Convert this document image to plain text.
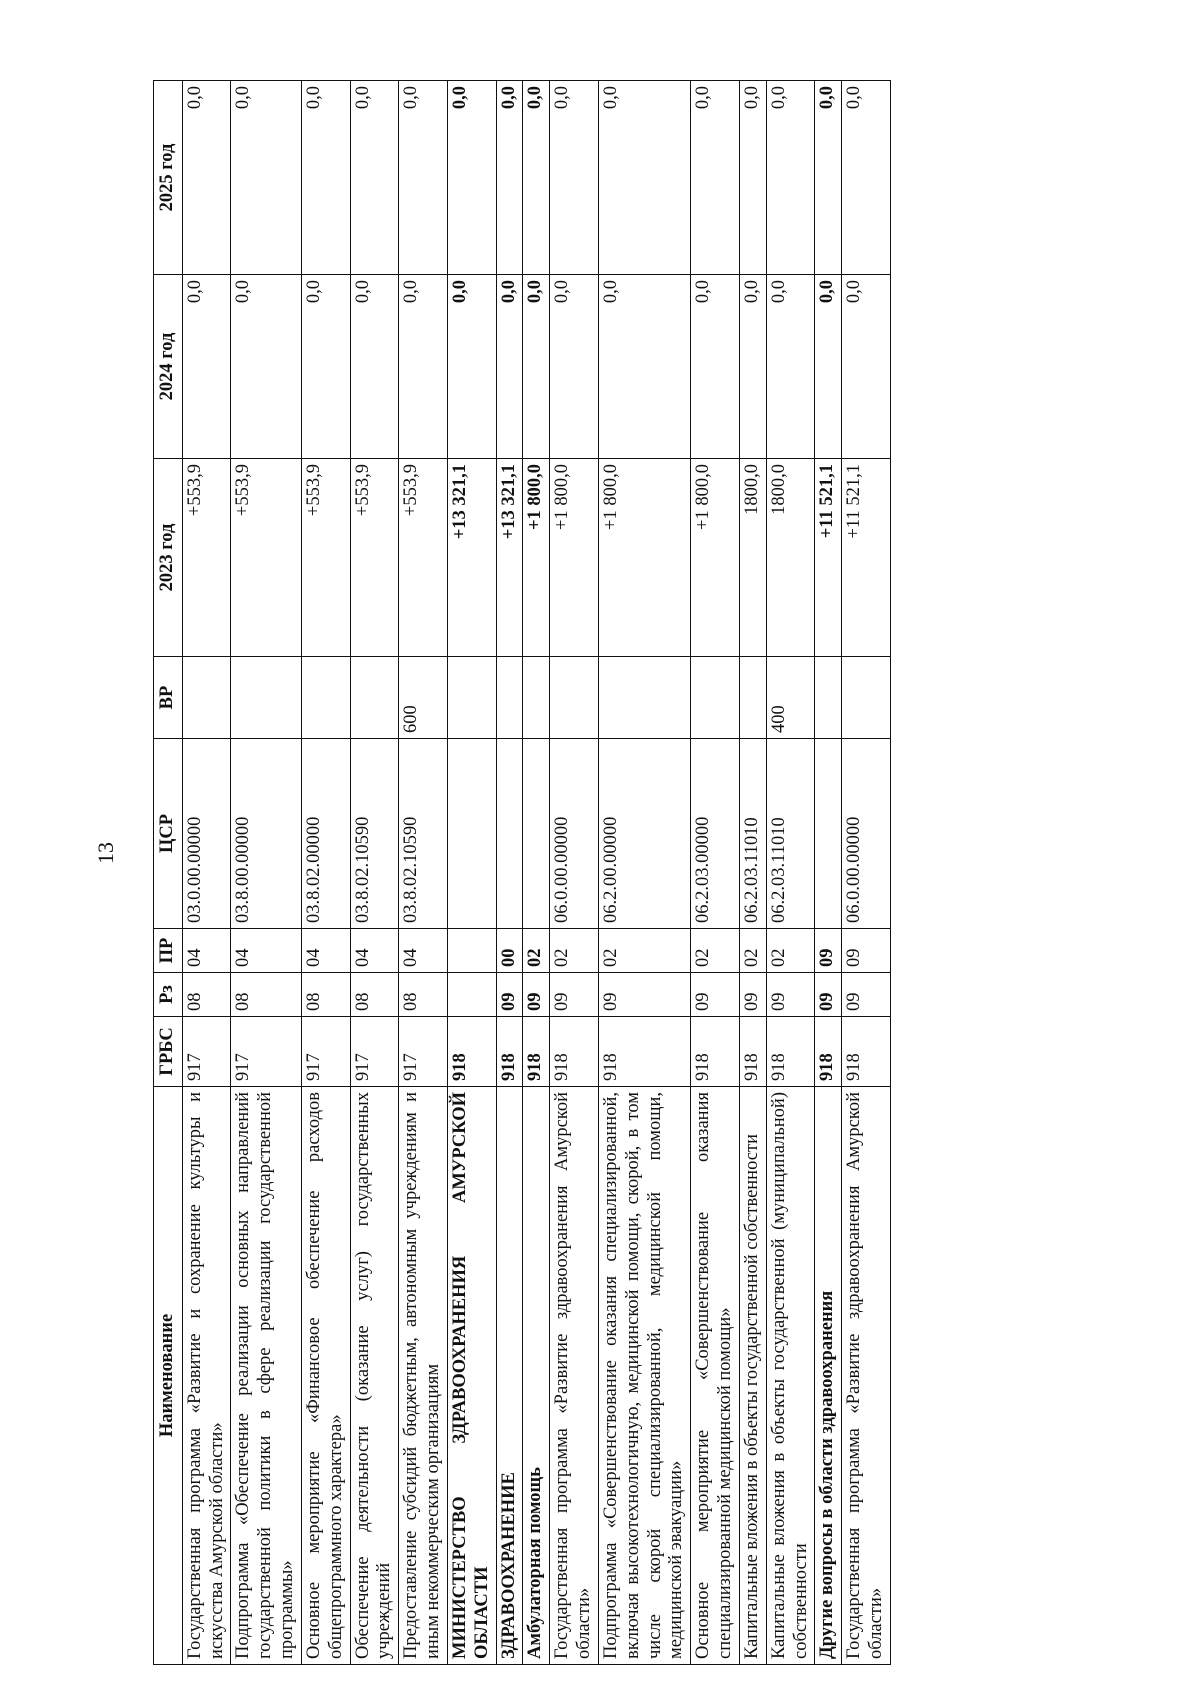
13
Наименование	ГРБС	Рз	ПР	ЦСР	ВР	2023 год	2024 год	2025 год
Государственная программа «Развитие и сохранение культуры и искусства Амурской области»	917	08	04	03.0.00.00000		+553,9	0,0	0,0
Подпрограмма «Обеспечение реализации основных направлений государственной политики в сфере реализации государственной программы»	917	08	04	03.8.00.00000		+553,9	0,0	0,0
Основное мероприятие «Финансовое обеспечение расходов общепрограммного характера»	917	08	04	03.8.02.00000		+553,9	0,0	0,0
Обеспечение деятельности (оказание услуг) государственных учреждений	917	08	04	03.8.02.10590		+553,9	0,0	0,0
Предоставление субсидий бюджетным, автономным учреждениям и иным некоммерческим организациям	917	08	04	03.8.02.10590	600	+553,9	0,0	0,0
МИНИСТЕРСТВО ЗДРАВООХРАНЕНИЯ АМУРСКОЙ ОБЛАСТИ	918					+13 321,1	0,0	0,0
ЗДРАВООХРАНЕНИЕ	918	09	00			+13 321,1	0,0	0,0
Амбулаторная помощь	918	09	02			+1 800,0	0,0	0,0
Государственная программа «Развитие здравоохранения Амурской области»	918	09	02	06.0.00.00000		+1 800,0	0,0	0,0
Подпрограмма «Совершенствование оказания специализированной, включая высокотехнологичную, медицинской помощи, скорой, в том числе скорой специализированной, медицинской помощи, медицинской эвакуации»	918	09	02	06.2.00.00000		+1 800,0	0,0	0,0
Основное мероприятие «Совершенствование оказания специализированной медицинской помощи»	918	09	02	06.2.03.00000		+1 800,0	0,0	0,0
Капитальные вложения в объекты государственной собственности	918	09	02	06.2.03.11010		1800,0	0,0	0,0
Капитальные вложения в объекты государственной (муниципальной) собственности	918	09	02	06.2.03.11010	400	1800,0	0,0	0,0
Другие вопросы в области здравоохранения	918	09	09			+11 521,1	0,0	0,0
Государственная программа «Развитие здравоохранения Амурской области»	918	09	09	06.0.00.00000		+11 521,1	0,0	0,0
